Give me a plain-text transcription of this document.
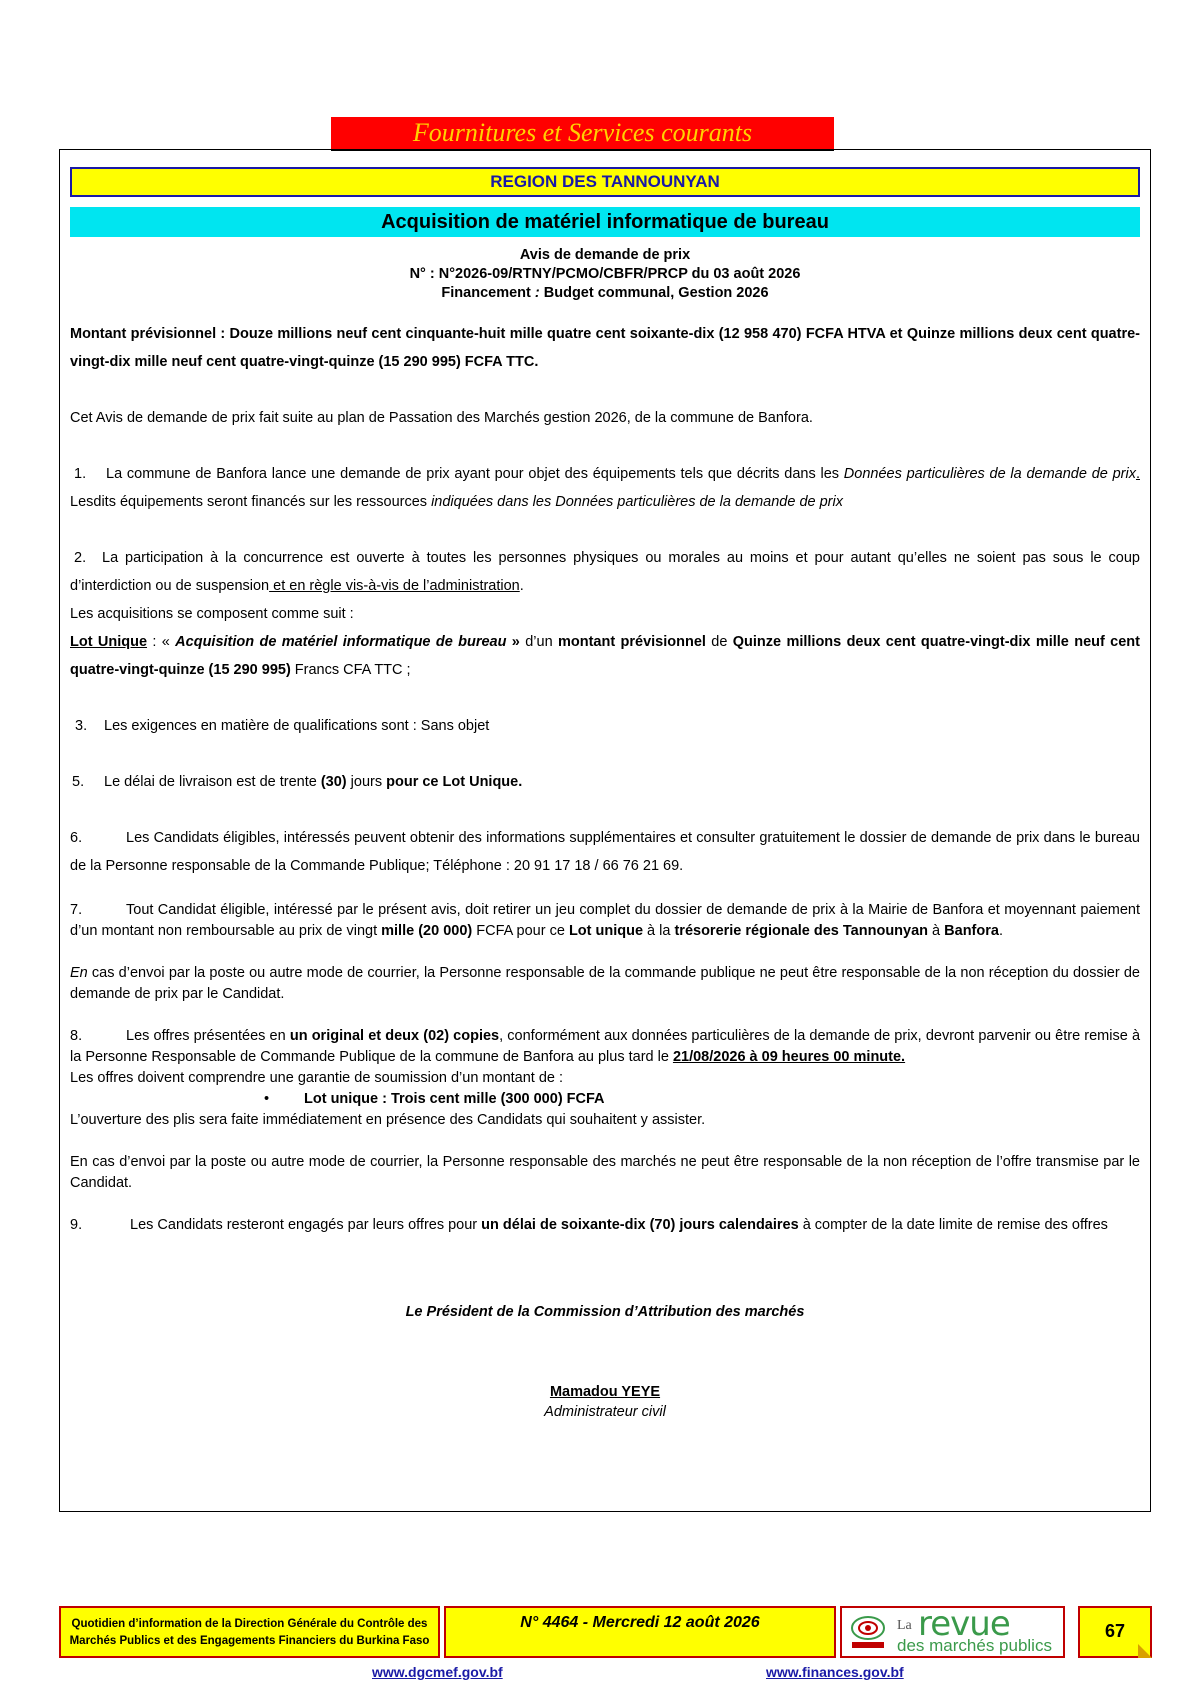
Fournitures et Services courants
REGION DES TANNOUNYAN
Acquisition de matériel informatique de bureau
Avis de demande de prix
N° : N°2026-09/RTNY/PCMO/CBFR/PRCP du 03 août 2026
Financement : Budget communal, Gestion 2026

Montant prévisionnel : Douze millions neuf cent cinquante-huit mille quatre cent soixante-dix (12 958 470) FCFA HTVA et Quinze millions deux cent quatre-vingt-dix mille neuf cent quatre-vingt-quinze (15 290 995) FCFA TTC.

Cet Avis de demande de prix fait suite au plan de Passation des Marchés gestion 2026, de la commune de Banfora.

1. La commune de Banfora lance une demande de prix ayant pour objet des équipements tels que décrits dans les Données particulières de la demande de prix. Lesdits équipements seront financés sur les ressources indiquées dans les Données particulières de la demande de prix

2. La participation à la concurrence est ouverte à toutes les personnes physiques ou morales au moins et pour autant qu’elles ne soient pas sous le coup d’interdiction ou de suspension et en règle vis-à-vis de l’administration.

Les acquisitions se composent comme suit :

Lot Unique : « Acquisition de matériel informatique de bureau » d’un montant prévisionnel de Quinze millions deux cent quatre-vingt-dix mille neuf cent quatre-vingt-quinze (15 290 995) Francs CFA TTC ;

3. Les exigences en matière de qualifications sont : Sans objet

5. Le délai de livraison est de trente (30) jours pour ce Lot Unique.

6.	Les Candidats éligibles, intéressés peuvent obtenir des informations supplémentaires et consulter gratuitement le dossier de demande de prix dans le bureau de la Personne responsable de la Commande Publique; Téléphone : 20 91 17 18 / 66 76 21 69.

7.	Tout Candidat éligible, intéressé par le présent avis, doit retirer un jeu complet du dossier de demande de prix à la Mairie de Banfora et moyennant paiement d’un montant non remboursable au prix de vingt mille (20 000) FCFA pour ce Lot unique à la trésorerie régionale des Tannounyan à Banfora.

En cas d’envoi par la poste ou autre mode de courrier, la Personne responsable de la commande publique ne peut être responsable de la non réception du dossier de demande de prix par le Candidat.

8.	Les offres présentées en un original et deux (02) copies, conformément aux données particulières de la demande de prix, devront parvenir ou être remise à la Personne Responsable de Commande Publique de la commune de Banfora au plus tard le 21/08/2026 à 09 heures 00 minute.

Les offres doivent comprendre une garantie de soumission d’un montant de :

• Lot unique : Trois cent mille (300 000) FCFA

L’ouverture des plis sera faite immédiatement en présence des Candidats qui souhaitent y assister.

En cas d’envoi par la poste ou autre mode de courrier, la Personne responsable des marchés ne peut être responsable de la non réception de l’offre transmise par le Candidat.

9.	Les Candidats resteront engagés par leurs offres pour un délai de soixante-dix (70) jours calendaires à compter de la date limite de remise des offres

Le Président de la Commission d’Attribution des marchés

Mamadou YEYE
Administrateur civil
Quotidien d’information de la Direction Générale du Contrôle des
Marchés Publics et des Engagements Financiers du Burkina Faso
N° 4464 - Mercredi 12 août 2026	La revue
des marchés publics
67
www.dgcmef.gov.bf	www.finances.gov.bf
